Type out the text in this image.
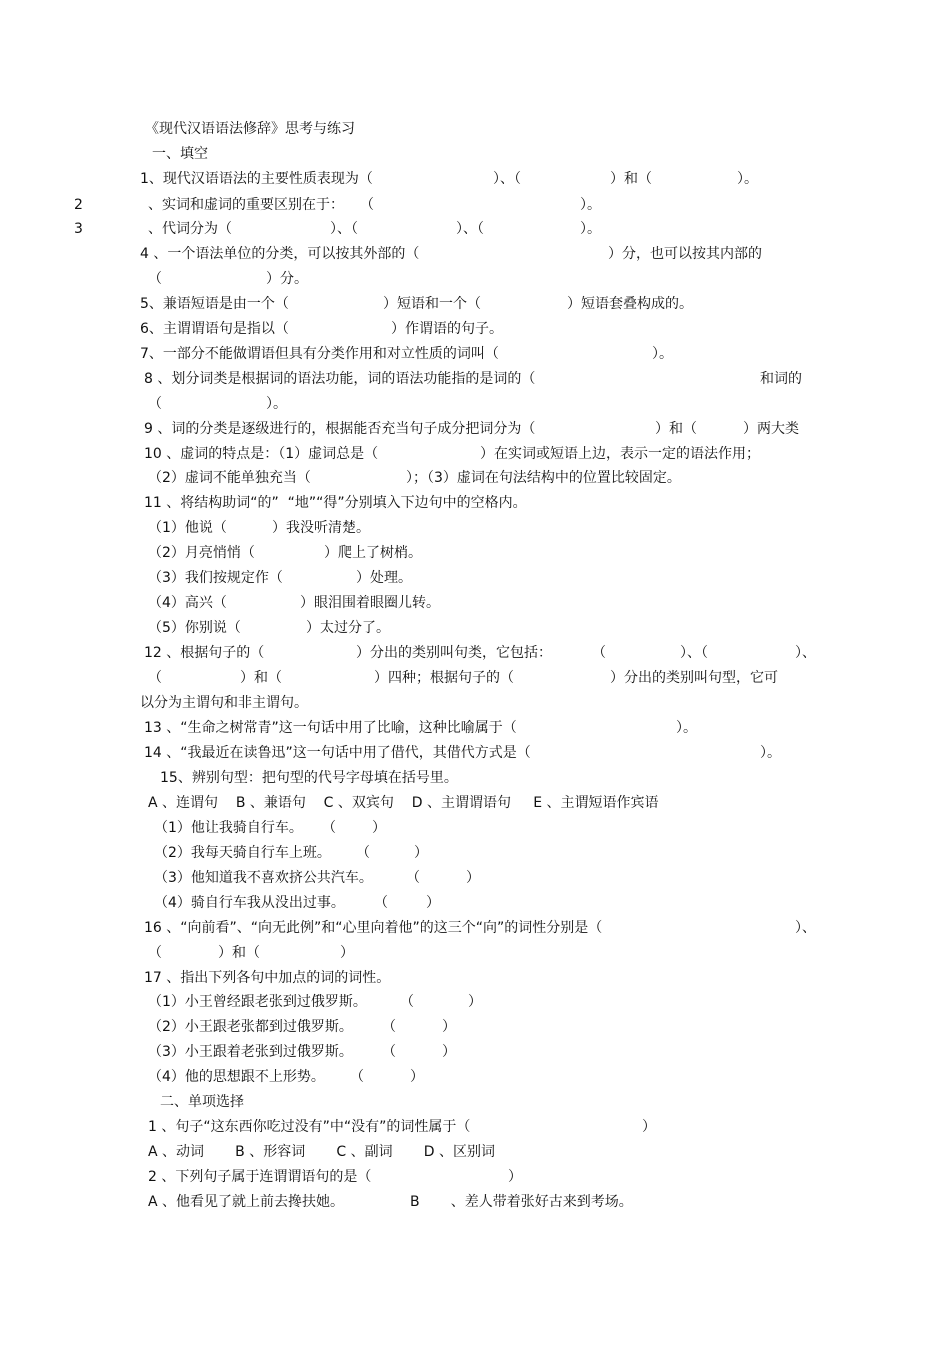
《现代汉语语法修辞》思考与练习
一、填空
1、现代汉语语法的主要性质表现为（	）、（	）和（	）。
2	、实词和虚词的重要区别在于： （	）。
3	、代词分为（	）、（	）、（	）。
4 、一个语法单位的分类，可以按其外部的（	）分，也可以按其内部的
（	）分。
5、兼语短语是由一个（	）短语和一个（	）短语套叠构成的。
6、主谓谓语句是指以（	）作谓语的句子。
7、一部分不能做谓语但具有分类作用和对立性质的词叫（	）。
8 、划分词类是根据词的语法功能，词的语法功能指的是词的（	和词的
（	）。
9 、词的分类是逐级进行的，根据能否充当句子成分把词分为（	）和（	）两大类
10 、虚词的特点是：（1）虚词总是（	）在实词或短语上边，表示一定的语法作用；
（2）虚词不能单独充当（	）；（3）虚词在句法结构中的位置比较固定。
11 、将结构助词“的”  “地”“得”分别填入下边句中的空格内。
（1）他说（	）我没听清楚。
（2）月亮悄悄（	）爬上了树梢。
（3）我们按规定作（	）处理。
（4）高兴（	）眼泪围着眼圈儿转。
（5）你别说（	）太过分了。
12 、根据句子的（	）分出的类别叫句类，它包括：	（	）、（	）、
（	）和（	）四种；根据句子的（	）分出的类别叫句型，它可
以分为主谓句和非主谓句。
13 、“生命之树常青”这一句话中用了比喻，这种比喻属于（	）。
14 、“我最近在读鲁迅”这一句话中用了借代，其借代方式是（	）。
15、辨别句型：把句型的代号字母填在括号里。
A 、连谓句    B 、兼语句    C 、双宾句    D 、主谓谓语句     E 、主谓短语作宾语
（1）他让我骑自行车。 （	）
（2）我每天骑自行车上班。 （	）
（3）他知道我不喜欢挤公共汽车。 （	）
（4）骑自行车我从没出过事。 （	）
16 、“向前看”、“向无此例”和“心里向着他”的这三个“向”的词性分别是（	）、
（	）和（	）
17 、指出下列各句中加点的词的词性。
（1）小王曾经跟老张到过俄罗斯。 （	）
（2）小王跟老张都到过俄罗斯。 （	）
（3）小王跟着老张到过俄罗斯。 （	）
（4）他的思想跟不上形势。 （	）
二、单项选择
1 、句子“这东西你吃过没有”中“没有”的词性属于（	）
A 、动词       B 、形容词       C 、副词       D 、区别词
2 、下列句子属于连谓谓语句的是（	）
A 、他看见了就上前去搀扶她。	B       、差人带着张好古来到考场。
